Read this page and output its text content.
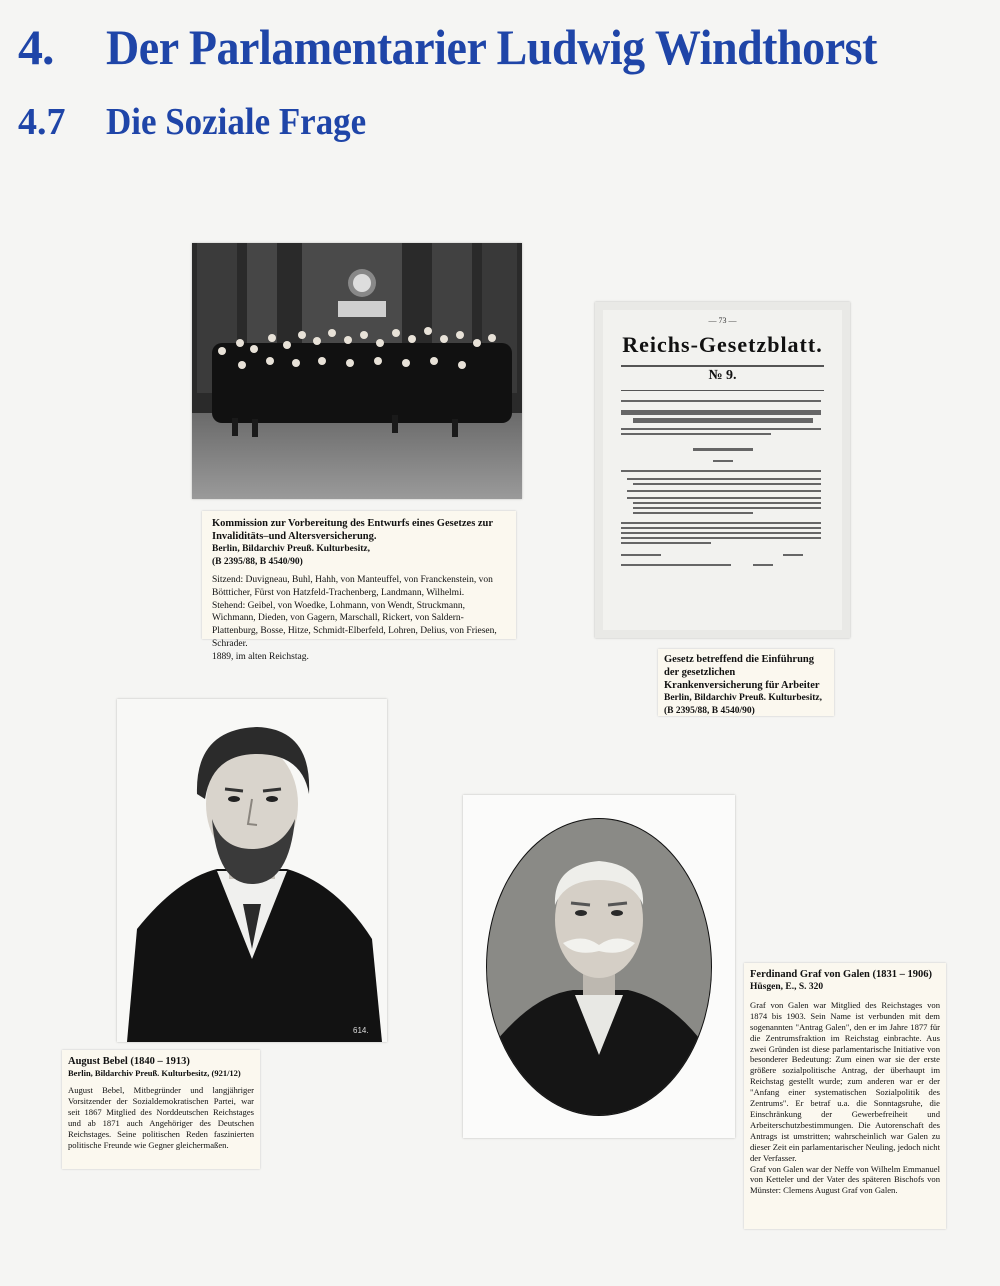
4. Der Parlamentarier Ludwig Windthorst
4.7 Die Soziale Frage

Kommission zur Vorbereitung des Entwurfs eines Gesetzes zur Invaliditäts–und Altersversicherung.

Berlin, Bildarchiv Preuß. Kulturbesitz,

(B 2395/88, B 4540/90)

Sitzend: Duvigneau, Buhl, Hahh, von Manteuffel, von Franckenstein, von Böttticher, Fürst von Hatzfeld-Trachenberg, Landmann, Wilhelmi.

Stehend: Geibel, von Woedke, Lohmann, von Wendt, Struckmann, Wichmann, Dieden, von Gagern, Marschall, Rickert, von Saldern-Plattenburg, Bosse, Hitze, Schmidt-Elberfeld, Lohren, Delius, von Friesen, Schrader.

1889, im alten Reichstag.

— 73 —
Reichs-Gesetzblatt.
№ 9.

Gesetz betreffend die Einführung der gesetzlichen Krankenversicherung für Arbeiter

Berlin, Bildarchiv Preuß. Kulturbesitz,

(B 2395/88, B 4540/90)

614.

August Bebel (1840 – 1913)

Berlin, Bildarchiv Preuß. Kulturbesitz, (921/12)

August Bebel, Mitbegründer und langjähriger Vorsitzender der Sozialdemokratischen Partei, war seit 1867 Mitglied des Norddeutschen Reichstages und ab 1871 auch Angehöriger des Deutschen Reichstages. Seine politischen Reden faszinierten politische Freunde wie Gegner gleichermaßen.

Ferdinand Graf von Galen (1831 – 1906)

Hüsgen, E., S. 320

Graf von Galen war Mitglied des Reichstages von 1874 bis 1903. Sein Name ist verbunden mit dem sogenannten "Antrag Galen", den er im Jahre 1877 für die Zentrumsfraktion im Reichstag einbrachte. Aus zwei Gründen ist diese parlamentarische Initiative von besonderer Bedeutung: Zum einen war sie der erste größere sozialpolitische Antrag, der überhaupt im Reichstag gestellt wurde; zum anderen war er der "Anfang einer systematischen Sozialpolitik des Zentrums". Er betraf u.a. die Sonntagsruhe, die Einschränkung der Gewerbefreiheit und Arbeiterschutzbestimmungen. Die Autorenschaft des Antrags ist umstritten; wahrscheinlich war Galen zu dieser Zeit ein parlamentarischer Neuling, jedoch nicht der Verfasser.

Graf von Galen war der Neffe von Wilhelm Emmanuel von Ketteler und der Vater des späteren Bischofs von Münster: Clemens August Graf von Galen.
